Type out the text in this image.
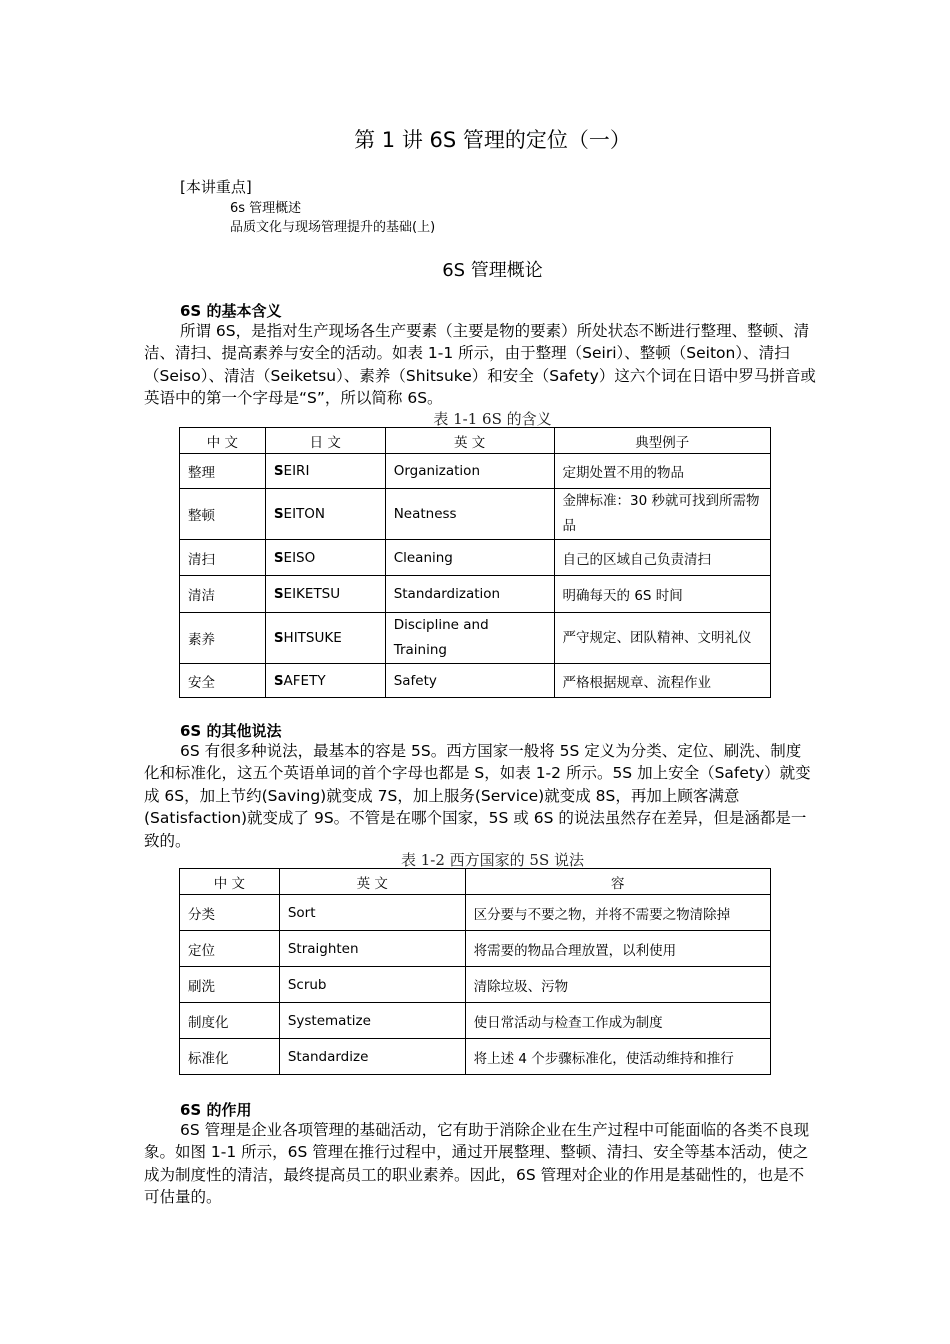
第 1 讲 6S 管理的定位（一）
[本讲重点]
6s 管理概述
品质文化与现场管理提升的基础(上)
6S 管理概论
6S 的基本含义

所谓 6S，是指对生产现场各生产要素（主要是物的要素）所处状态不断进行整理、整顿、清洁、清扫、提高素养与安全的活动。如表 1-1 所示，由于整理（Seiri）、整顿（Seiton）、清扫（Seiso）、清洁（Seiketsu）、素养（Shitsuke）和安全（Safety）这六个词在日语中罗马拼音或英语中的第一个字母是“S”，所以简称 6S。

表 1-1 6S 的含义
中 文	日 文	英 文	典型例子
整理	SEIRI	Organization	定期处置不用的物品
整顿	SEITON	Neatness	金牌标准：30 秒就可找到所需物品
清扫	SEISO	Cleaning	自己的区域自己负责清扫
清洁	SEIKETSU	Standardization	明确每天的 6S 时间
素养	SHITSUKE	Discipline and Training	严守规定、团队精神、文明礼仪
安全	SAFETY	Safety	严格根据规章、流程作业
6S 的其他说法

6S 有很多种说法，最基本的容是 5S。西方国家一般将 5S 定义为分类、定位、刷洗、制度化和标准化，这五个英语单词的首个字母也都是 S，如表 1-2 所示。5S 加上安全（Safety）就变成 6S，加上节约(Saving)就变成 7S，加上服务(Service)就变成 8S，再加上顾客满意(Satisfaction)就变成了 9S。不管是在哪个国家，5S 或 6S 的说法虽然存在差异，但是涵都是一致的。

表 1-2 西方国家的 5S 说法
中 文	英 文	容
分类	Sort	区分要与不要之物，并将不需要之物清除掉
定位	Straighten	将需要的物品合理放置，以利使用
刷洗	Scrub	清除垃圾、污物
制度化	Systematize	使日常活动与检查工作成为制度
标准化	Standardize	将上述 4 个步骤标准化，使活动维持和推行
6S 的作用

6S 管理是企业各项管理的基础活动，它有助于消除企业在生产过程中可能面临的各类不良现象。如图 1-1 所示，6S 管理在推行过程中，通过开展整理、整顿、清扫、安全等基本活动，使之成为制度性的清洁，最终提高员工的职业素养。因此，6S 管理对企业的作用是基础性的，也是不可估量的。
